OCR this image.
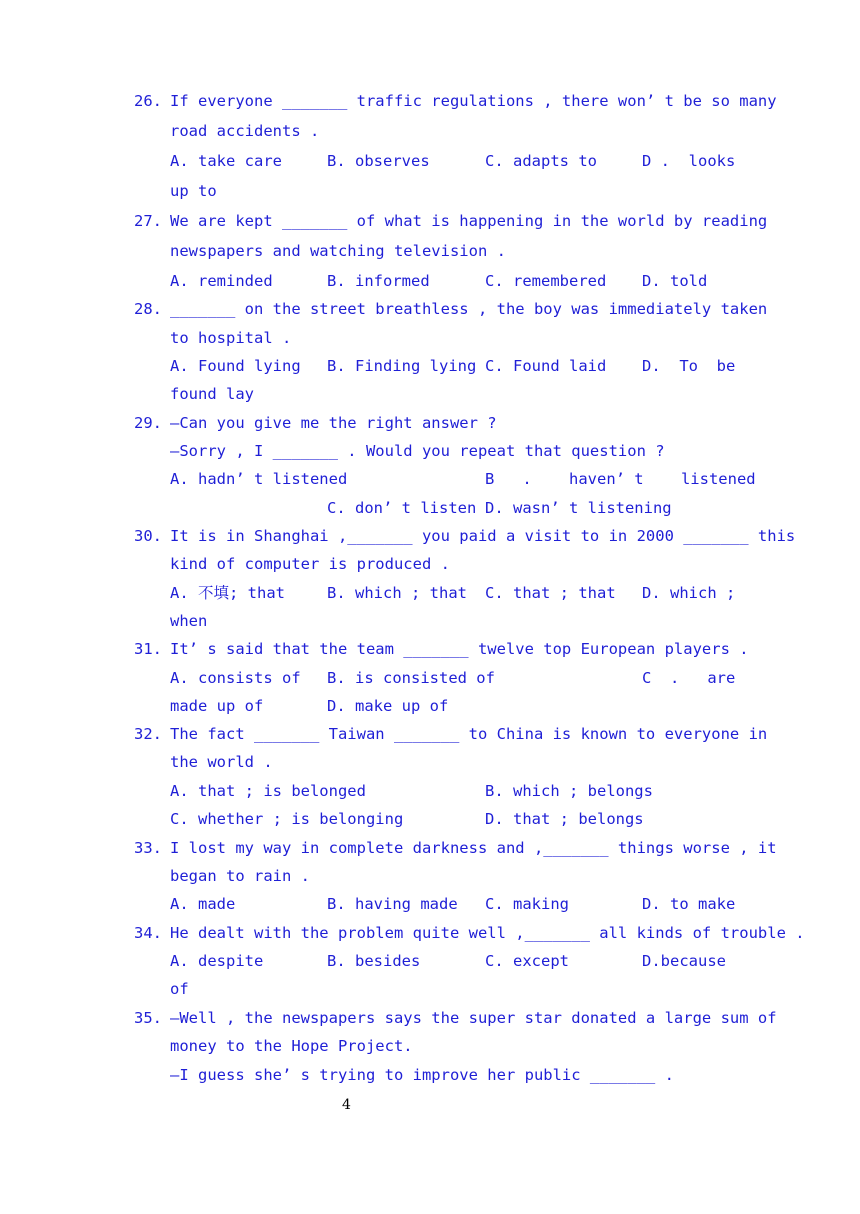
26. If everyone _______ traffic regulations , there won’ t be so many
road accidents .
A. take care	B. observes	C. adapts to	D .  looks
up to
27. We are kept _______ of what is happening in the world by reading
newspapers and watching television .
A. reminded	B. informed	C. remembered D. told
28. _______ on the street breathless , the boy was immediately taken
to hospital .
A. Found lying B. Finding lying C. Found laid D.  To  be
found lay
29. —Can you give me the right answer ?
—Sorry , I _______ . Would you repeat that question ?
A. hadn’ t listened	B   .    haven’ t    listened
C. don’ t listen D. wasn’ t listening
30. It is in Shanghai ,_______ you paid a visit to in 2000 _______ this
kind of computer is produced .
A. 不填; that	B. which ; that C. that ; that D. which ;
when
31. It’ s said that the team _______ twelve top European players .
A. consists of B. is consisted of	C  .   are
made up of	D. make up of
32. The fact _______ Taiwan _______ to China is known to everyone in
the world .
A. that ; is belonged	B. which ; belongs
C. whether ; is belonging	D. that ; belongs
33. I lost my way in complete darkness and ,_______ things worse , it
began to rain .
A. made	B. having made C. making	D. to make
34. He dealt with the problem quite well ,_______ all kinds of trouble .
A. despite	B. besides	C. except	D.because
of
35. —Well , the newspapers says the super star donated a large sum of
money to the Hope Project.
—I guess she’ s trying to improve her public _______ .
4
